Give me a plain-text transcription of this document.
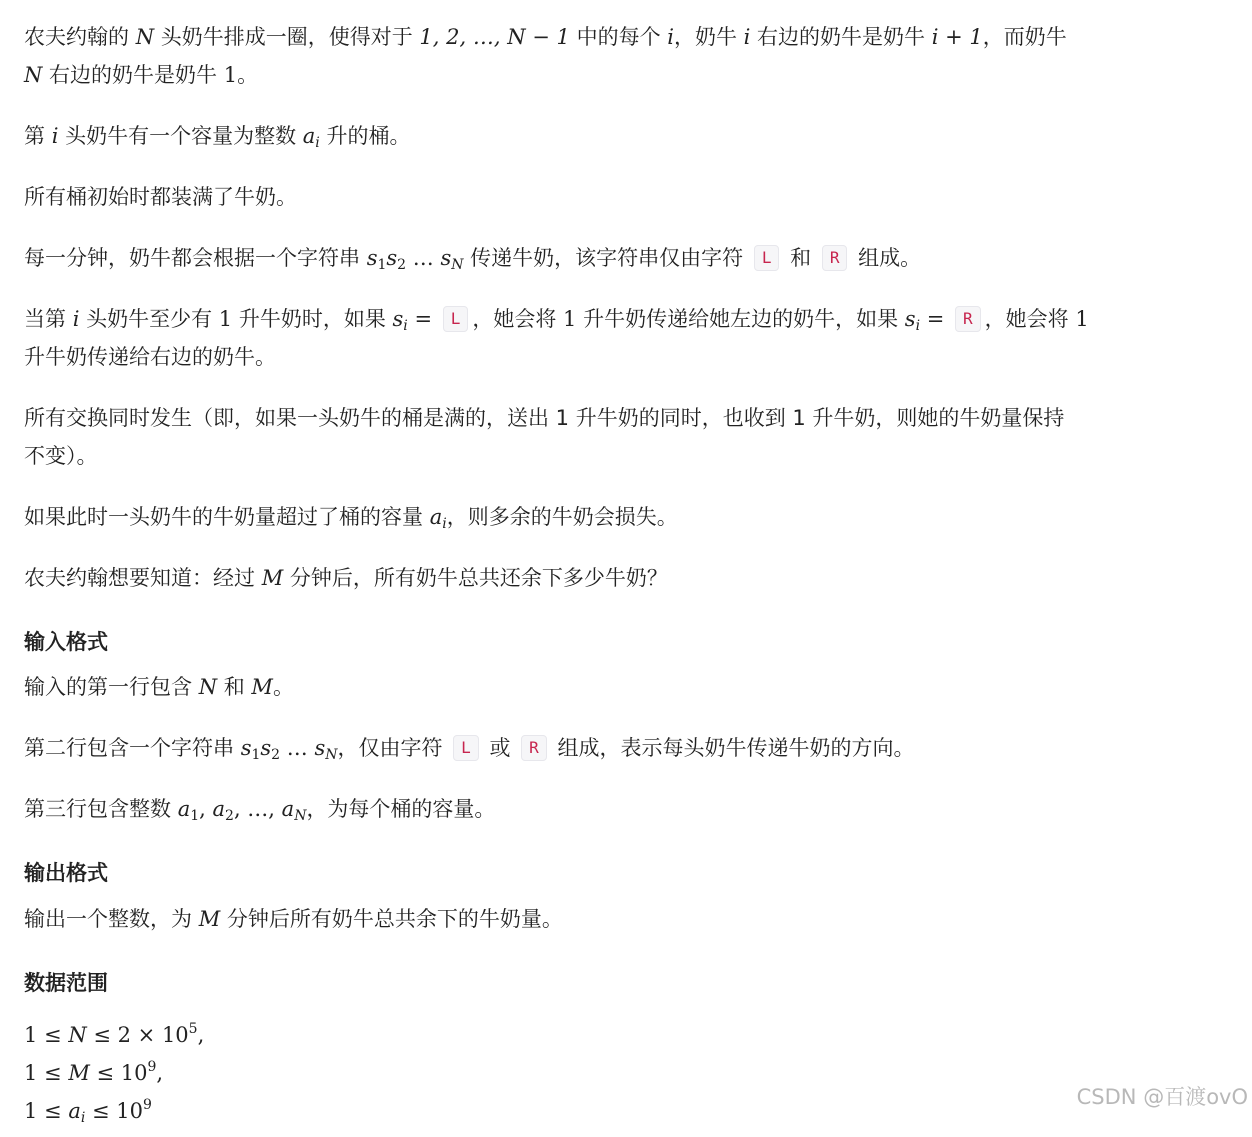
农夫约翰的 N 头奶牛排成一圈，使得对于 1, 2, …, N − 1 中的每个 i，奶牛 i 右边的奶牛是奶牛 i + 1，而奶牛
N 右边的奶牛是奶牛 1。
第 i 头奶牛有一个容量为整数 $a_i$ 升的桶。
所有桶初始时都装满了牛奶。
每一分钟，奶牛都会根据一个字符串 $s_1s_2$ … $s_N$ 传递牛奶，该字符串仅由字符 L 和 R 组成。
当第 i 头奶牛至少有 1 升牛奶时，如果 $s_i = L$ ，她会将 1 升牛奶传递给她左边的奶牛，如果 $s_i = R$ ，她会将 1
升牛奶传递给右边的奶牛。
所有交换同时发生（即，如果一头奶牛的桶是满的，送出 1 升牛奶的同时，也收到 1 升牛奶，则她的牛奶量保持
不变）。
如果此时一头奶牛的牛奶量超过了桶的容量 $a_i$，则多余的牛奶会损失。
农夫约翰想要知道：经过 M 分钟后，所有奶牛总共还余下多少牛奶？
输入格式
输入的第一行包含 N 和 M。
第二行包含一个字符串 $s_1s_2$ … $s_N$，仅由字符 L 或 R 组成，表示每头奶牛传递牛奶的方向。
第三行包含整数 $a_1$, $a_2$, …, $a_N$，为每个桶的容量。
输出格式
输出一个整数，为 M 分钟后所有奶牛总共余下的牛奶量。
数据范围
$1 \le N \le 2 \times 10^5$,
$1 \le M \le 10^9$,
$1 \le a_i \le 10^9$	CSDN @百渡ovO
